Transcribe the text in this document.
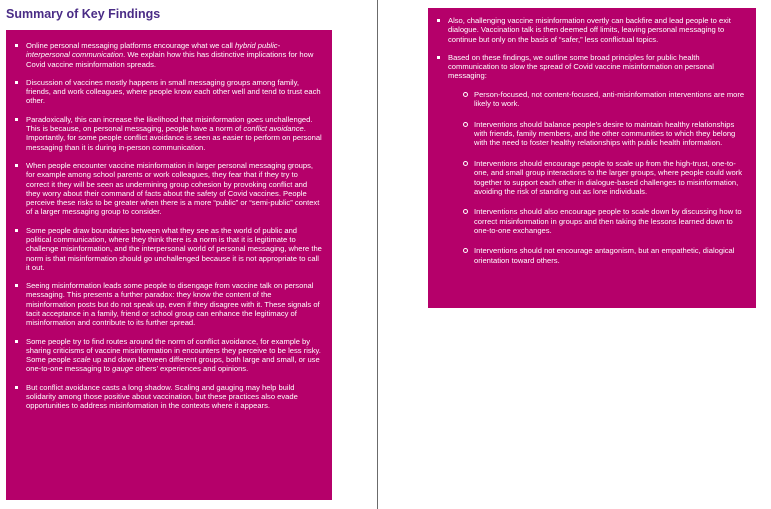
Summary of Key Findings
Online personal messaging platforms encourage what we call hybrid public-interpersonal communication. We explain how this has distinctive implications for how Covid vaccine misinformation spreads.
Discussion of vaccines mostly happens in small messaging groups among family, friends, and work colleagues, where people know each other well and tend to trust each other.
Paradoxically, this can increase the likelihood that misinformation goes unchallenged. This is because, on personal messaging, people have a norm of conflict avoidance. Importantly, for some people conflict avoidance is seen as easier to perform on personal messaging than it is during in-person communication.
When people encounter vaccine misinformation in larger personal messaging groups, for example among school parents or work colleagues, they fear that if they try to correct it they will be seen as undermining group cohesion by provoking conflict and they worry about their command of facts about the safety of Covid vaccines. People perceive these risks to be greater when there is a more “public” or “semi-public” context of a larger messaging group to consider.
Some people draw boundaries between what they see as the world of public and political communication, where they think there is a norm is that it is legitimate to challenge misinformation, and the interpersonal world of personal messaging, where the norm is that misinformation should go unchallenged because it is not appropriate to call it out.
Seeing misinformation leads some people to disengage from vaccine talk on personal messaging. This presents a further paradox: they know the content of the misinformation posts but do not speak up, even if they disagree with it. These signals of tacit acceptance in a family, friend or school group can enhance the legitimacy of misinformation and contribute to its further spread.
Some people try to find routes around the norm of conflict avoidance, for example by sharing criticisms of vaccine misinformation in encounters they perceive to be less risky. Some people scale up and down between different groups, both large and small, or use one-to-one messaging to gauge others’ experiences and opinions.
But conflict avoidance casts a long shadow. Scaling and gauging may help build solidarity among those positive about vaccination, but these practices also evade opportunities to address misinformation in the contexts where it appears.
Also, challenging vaccine misinformation overtly can backfire and lead people to exit dialogue. Vaccination talk is then deemed off limits, leaving personal messaging to continue but only on the basis of “safer,” less conflictual topics.
Based on these findings, we outline some broad principles for public health communication to slow the spread of Covid vaccine misinformation on personal messaging:
Person-focused, not content-focused, anti-misinformation interventions are more likely to work.
Interventions should balance people’s desire to maintain healthy relationships with friends, family members, and the other communities to which they belong with the need to foster healthy relationships with public health information.
Interventions should encourage people to scale up from the high-trust, one-to-one, and small group interactions to the larger groups, where people could work together to support each other in dialogue-based challenges to misinformation, avoiding the risk of standing out as lone individuals.
Interventions should also encourage people to scale down by discussing how to correct misinformation in groups and then taking the lessons learned down to one-to-one exchanges.
Interventions should not encourage antagonism, but an empathetic, dialogical orientation toward others.
